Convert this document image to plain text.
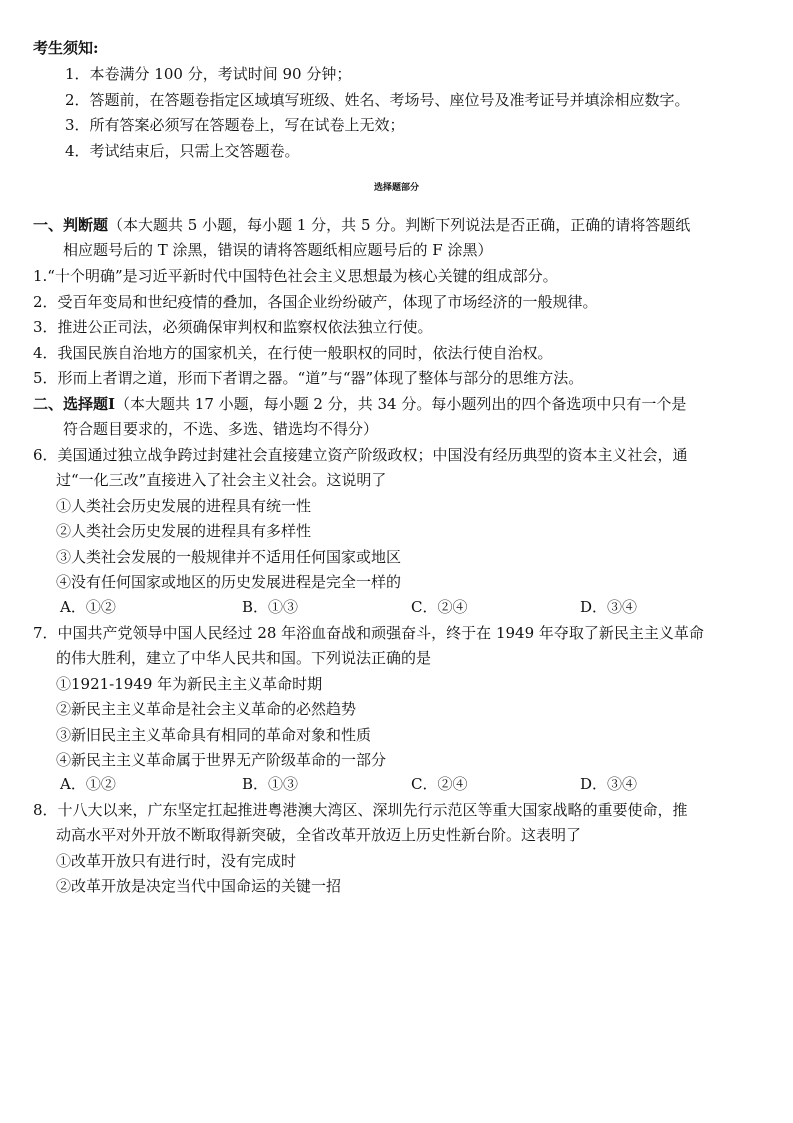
考生须知:
1．本卷满分 100 分，考试时间 90 分钟；
2．答题前，在答题卷指定区域填写班级、姓名、考场号、座位号及准考证号并填涂相应数字。
3．所有答案必须写在答题卷上，写在试卷上无效；
4．考试结束后，只需上交答题卷。
选择题部分
一、判断题（本大题共 5 小题，每小题 1 分，共 5 分。判断下列说法是否正确，正确的请将答题纸
相应题号后的 T 涂黑，错误的请将答题纸相应题号后的 F 涂黑）
1.“十个明确”是习近平新时代中国特色社会主义思想最为核心关键的组成部分。
2．受百年变局和世纪疫情的叠加，各国企业纷纷破产，体现了市场经济的一般规律。
3．推进公正司法，必须确保审判权和监察权依法独立行使。
4．我国民族自治地方的国家机关，在行使一般职权的同时，依法行使自治权。
5．形而上者谓之道，形而下者谓之器。“道”与“器”体现了整体与部分的思维方法。
二、选择题Ⅰ（本大题共 17 小题，每小题 2 分，共 34 分。每小题列出的四个备选项中只有一个是
符合题目要求的，不选、多选、错选均不得分）
6．美国通过独立战争跨过封建社会直接建立资产阶级政权；中国没有经历典型的资本主义社会，通
过“一化三改”直接进入了社会主义社会。这说明了
①人类社会历史发展的进程具有统一性
②人类社会历史发展的进程具有多样性
③人类社会发展的一般规律并不适用任何国家或地区
④没有任何国家或地区的历史发展进程是完全一样的
A．①②	B．①③	C．②④	D．③④
7．中国共产党领导中国人民经过 28 年浴血奋战和顽强奋斗，终于在 1949 年夺取了新民主主义革命
的伟大胜利，建立了中华人民共和国。下列说法正确的是
①1921-1949 年为新民主主义革命时期
②新民主主义革命是社会主义革命的必然趋势
③新旧民主主义革命具有相同的革命对象和性质
④新民主主义革命属于世界无产阶级革命的一部分
A．①②	B．①③	C．②④	D．③④
8．十八大以来，广东坚定扛起推进粤港澳大湾区、深圳先行示范区等重大国家战略的重要使命，推
动高水平对外开放不断取得新突破，全省改革开放迈上历史性新台阶。这表明了
①改革开放只有进行时，没有完成时
②改革开放是决定当代中国命运的关键一招
